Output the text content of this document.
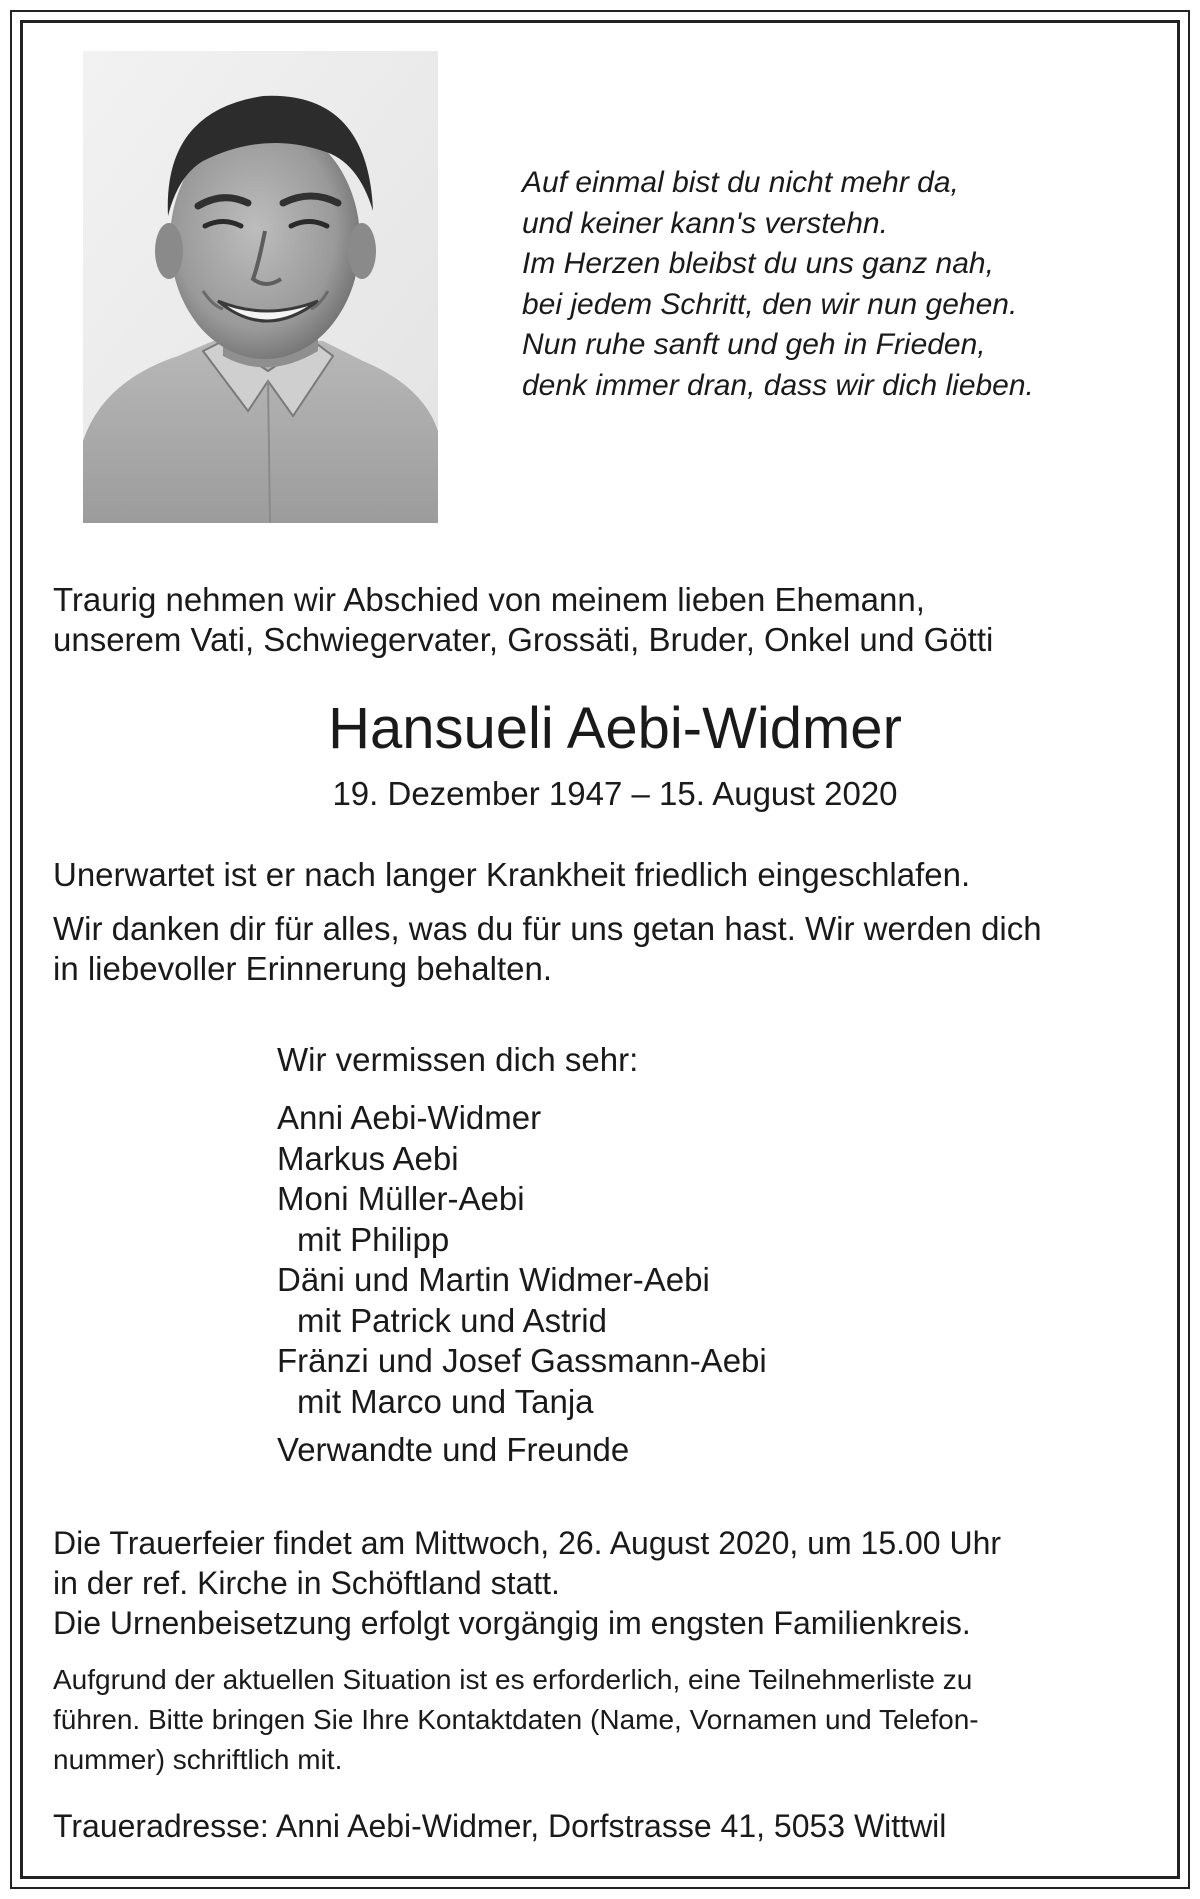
Auf einmal bist du nicht mehr da,
und keiner kann's verstehn.
Im Herzen bleibst du uns ganz nah,
bei jedem Schritt, den wir nun gehen.
Nun ruhe sanft und geh in Frieden,
denk immer dran, dass wir dich lieben.
Traurig nehmen wir Abschied von meinem lieben Ehemann,
unserem Vati, Schwiegervater, Grossäti, Bruder, Onkel und Götti
Hansueli Aebi-Widmer
19. Dezember 1947 – 15. August 2020
Unerwartet ist er nach langer Krankheit friedlich eingeschlafen.
Wir danken dir für alles, was du für uns getan hast. Wir werden dich
in liebevoller Erinnerung behalten.
Wir vermissen dich sehr:
Anni Aebi-Widmer
Markus Aebi
Moni Müller-Aebi
mit Philipp
Däni und Martin Widmer-Aebi
mit Patrick und Astrid
Fränzi und Josef Gassmann-Aebi
mit Marco und Tanja
Verwandte und Freunde
Die Trauerfeier findet am Mittwoch, 26. August 2020, um 15.00 Uhr
in der ref. Kirche in Schöftland statt.
Die Urnenbeisetzung erfolgt vorgängig im engsten Familienkreis.
Aufgrund der aktuellen Situation ist es erforderlich, eine Teilnehmerliste zu
führen. Bitte bringen Sie Ihre Kontaktdaten (Name, Vornamen und Telefon-
nummer) schriftlich mit.
Traueradresse: Anni Aebi-Widmer, Dorfstrasse 41, 5053 Wittwil
